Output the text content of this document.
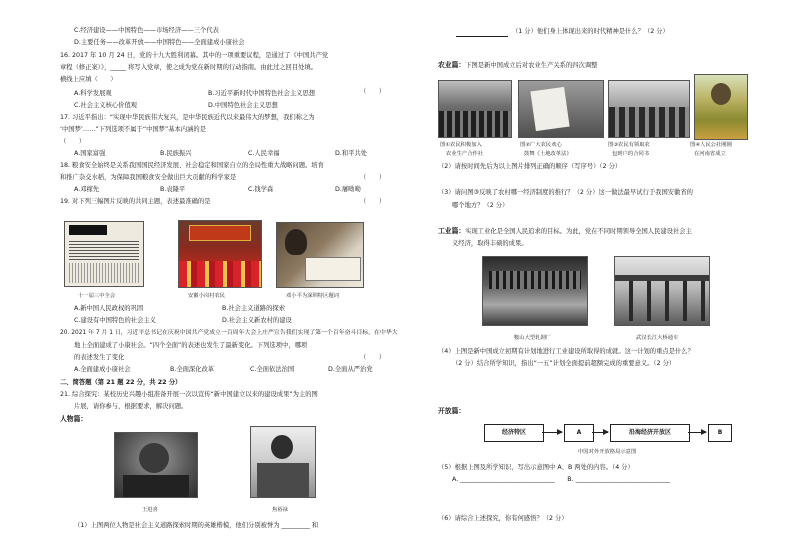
C.经济建设——中国特色——市场经济——三个代表
D.主要任务——改革开放——中国特色——全面建成小康社会
16. 2017 年 10 月 24 日，党的十九大胜利闭幕。其中的一项重要议程，是通过了《中国共产党
章程（修正案）》，_____ 将写入党章，使之成为党在新时期的行动指南。由此过之回目处填。
横线上应填（　　）
（　　）
A.科学发展观	B.习近平新时代中国特色社会主义思想
C.社会主义核心价值观	D.中国特色社会主义思想
17. 习近平指出：“实现中华民族伟大复兴，是中华民族近代以来最伟大的梦想，我们称之为
‘中国梦’……”下列选项不属于“中国梦”基本内涵的是
（　　）
A.国家富强	B.民族振兴	C.人民幸福	D.和平共处
18. 粮食安全始终是关系我国国民经济发展、社会稳定和国家自立的全局性重大战略问题。培育
和推广杂交水稻，为保障我国粮食安全做出巨大贡献的科学家是	（　　）
A.邓稼先	B.袁隆平	C.钱学森	D.屠呦呦
19. 对下列三幅图片反映的共同主题，表述最准确的是	（　　）
十一届三中全会	安徽小岗村农民	邓小平为深圳特区题词
A.新中国人民政权的巩固	B.社会主义道路的探索
C.建设有中国特色的社会主义	D.社会主义新农村的建设
20. 2021 年 7 月 1 日，习近平总书记在庆祝中国共产党成立一百周年大会上庄严宣告我们实现了第一个百年奋斗目标，在中华大
地上全面建成了小康社会。“四个全面”的表述也发生了最新变化。下列选项中，哪项
的表述发生了变化	（　　）
A.全面建成小康社会	B.全面深化改革	C.全面依法治国	D.全面从严治党
二、简答题（第 21 题 22 分，共 22 分）
21. 综合探究：某校历史兴趣小组准备开展一次以宣传“新中国建立以来的建设成果”为主的图
片展，请你参与，根据要求，解决问题。
人物篇：
王进喜	焦裕禄
（1）上图两位人物是社会主义道路探索时期的英雄楷模，他们分别被誉为 _________ 和
（1 分）他们身上体现出来的时代精神是什么？（2 分）
农业篇：下图是新中国成立后对农业生产关系的四次调整
图①农民积极加入
农业生产合作社
图②广大农民欢心
鼓舞《土地改革法》
图③农民有领取农
包到户的合同书
图④人民公社刚刚
在河南省成立
（2）请按时间先后为以上图片排列正确的顺序（写序号）（2 分）
（3）请问图③反映了农村哪一经济制度的推行？（2 分）这一做法最早试行于我国安徽省的
哪个地方？（2 分）
工业篇：实现工业化是全国人民追求的目标。为此，党在不同时期领导全国人民建设社会主
义经济，取得丰硕的成果。
鞍山大型轧钢厂	武汉长江大桥通车
（4）上图是新中国成立初期有计划地进行工业建设所取得的成就。这一计划的重点是什么？
（2 分）结合所学知识，指出“一五”计划全面提前超额完成的重要意义。（2 分）
开放篇：
经济特区	A	沿海经济开放区	B
中国对外开放格局示意图
（5）根据上图及所学知识，写出示意图中 A、B 两处的内容。（4 分）
A. ______________________________　　B. ______________________________
（6）请综合上述探究，你有何感悟？（2 分）
